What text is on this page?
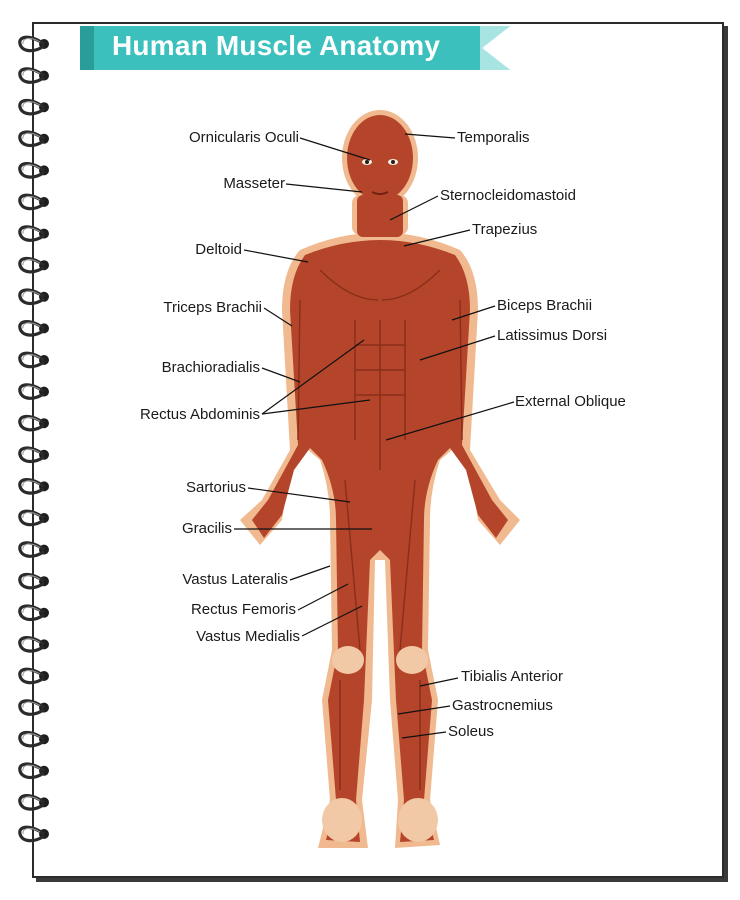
Human Muscle Anatomy
Ornicularis Oculi
Masseter
Deltoid
Triceps Brachii
Brachioradialis
Rectus Abdominis
Sartorius
Gracilis
Vastus Lateralis
Rectus Femoris
Vastus Medialis
Temporalis
Sternocleidomastoid
Trapezius
Biceps Brachii
Latissimus Dorsi
External Oblique
Tibialis Anterior
Gastrocnemius
Soleus
